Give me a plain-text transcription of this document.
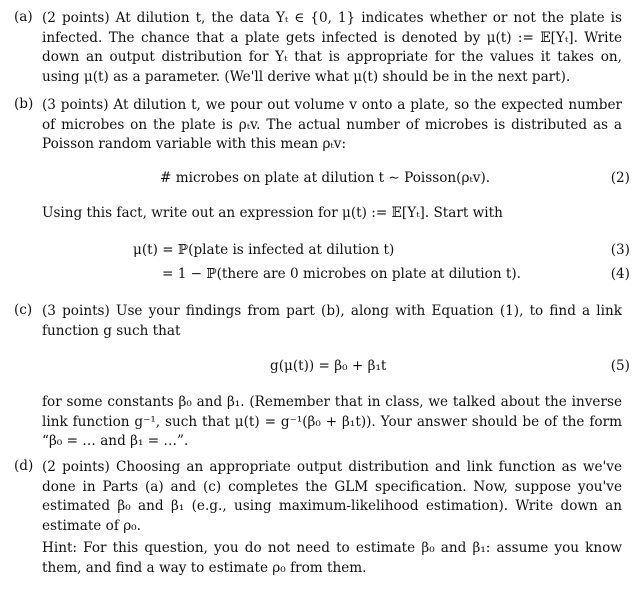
(a) (2 points) At dilution t, the data Yₜ ∈ {0, 1} indicates whether or not the plate is infected. The chance that a plate gets infected is denoted by μ(t) := 𝔼[Yₜ]. Write down an output distribution for Yₜ that is appropriate for the values it takes on, using μ(t) as a parameter. (We'll derive what μ(t) should be in the next part).
(b) (3 points) At dilution t, we pour out volume v onto a plate, so the expected number of microbes on the plate is ρₜv. The actual number of microbes is distributed as a Poisson random variable with this mean ρₜv:
# microbes on plate at dilution t ∼ Poisson(ρₜv).	(2)
Using this fact, write out an expression for μ(t) := 𝔼[Yₜ]. Start with
μ(t) = ℙ(plate is infected at dilution t)	(3)
= 1 − ℙ(there are 0 microbes on plate at dilution t).	(4)
(c) (3 points) Use your findings from part (b), along with Equation (1), to find a link function g such that
g(μ(t)) = β₀ + β₁t	(5)
for some constants β₀ and β₁. (Remember that in class, we talked about the inverse link function g⁻¹, such that μ(t) = g⁻¹(β₀ + β₁t)). Your answer should be of the form “β₀ = … and β₁ = …”.
(d) (2 points) Choosing an appropriate output distribution and link function as we've done in Parts (a) and (c) completes the GLM specification. Now, suppose you've estimated β₀ and β₁ (e.g., using maximum-likelihood estimation). Write down an estimate of ρ₀.
Hint: For this question, you do not need to estimate β₀ and β₁: assume you know them, and find a way to estimate ρ₀ from them.
